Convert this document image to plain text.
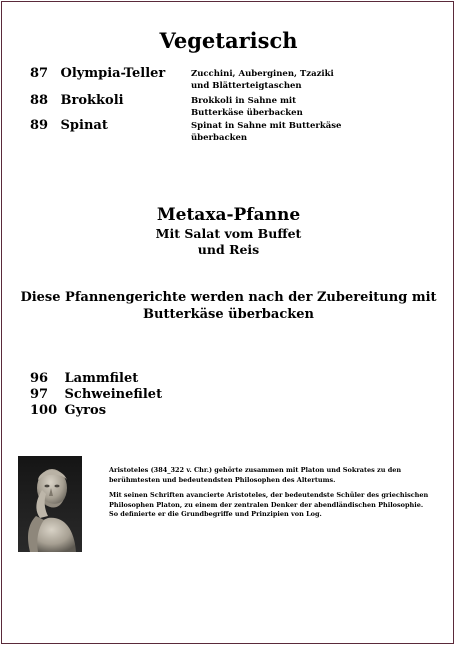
Vegetarisch
87 Olympia-Teller	Zucchini, Auberginen, Tzaziki und Blätterteigtaschen
88 Brokkoli	Brokkoli in Sahne mit Butterkäse überbacken
89 Spinat	Spinat in Sahne mit Butterkäse überbacken
Metaxa-Pfanne
Mit Salat vom Buffet
und Reis
Diese Pfannengerichte werden nach der Zubereitung mit Butterkäse überbacken
96 Lammfilet
97 Schweinefilet
100 Gyros

Aristoteles (384_322 v. Chr.) gehörte zusammen mit Platon und Sokrates zu den berühmtesten und bedeutendsten Philosophen des Altertums.

Mit seinen Schriften avancierte Aristoteles, der bedeutendste Schüler des griechischen Philosophen Platon, zu einem der zentralen Denker der abendländischen Philosophie. So definierte er die Grundbegriffe und Prinzipien von Log.
